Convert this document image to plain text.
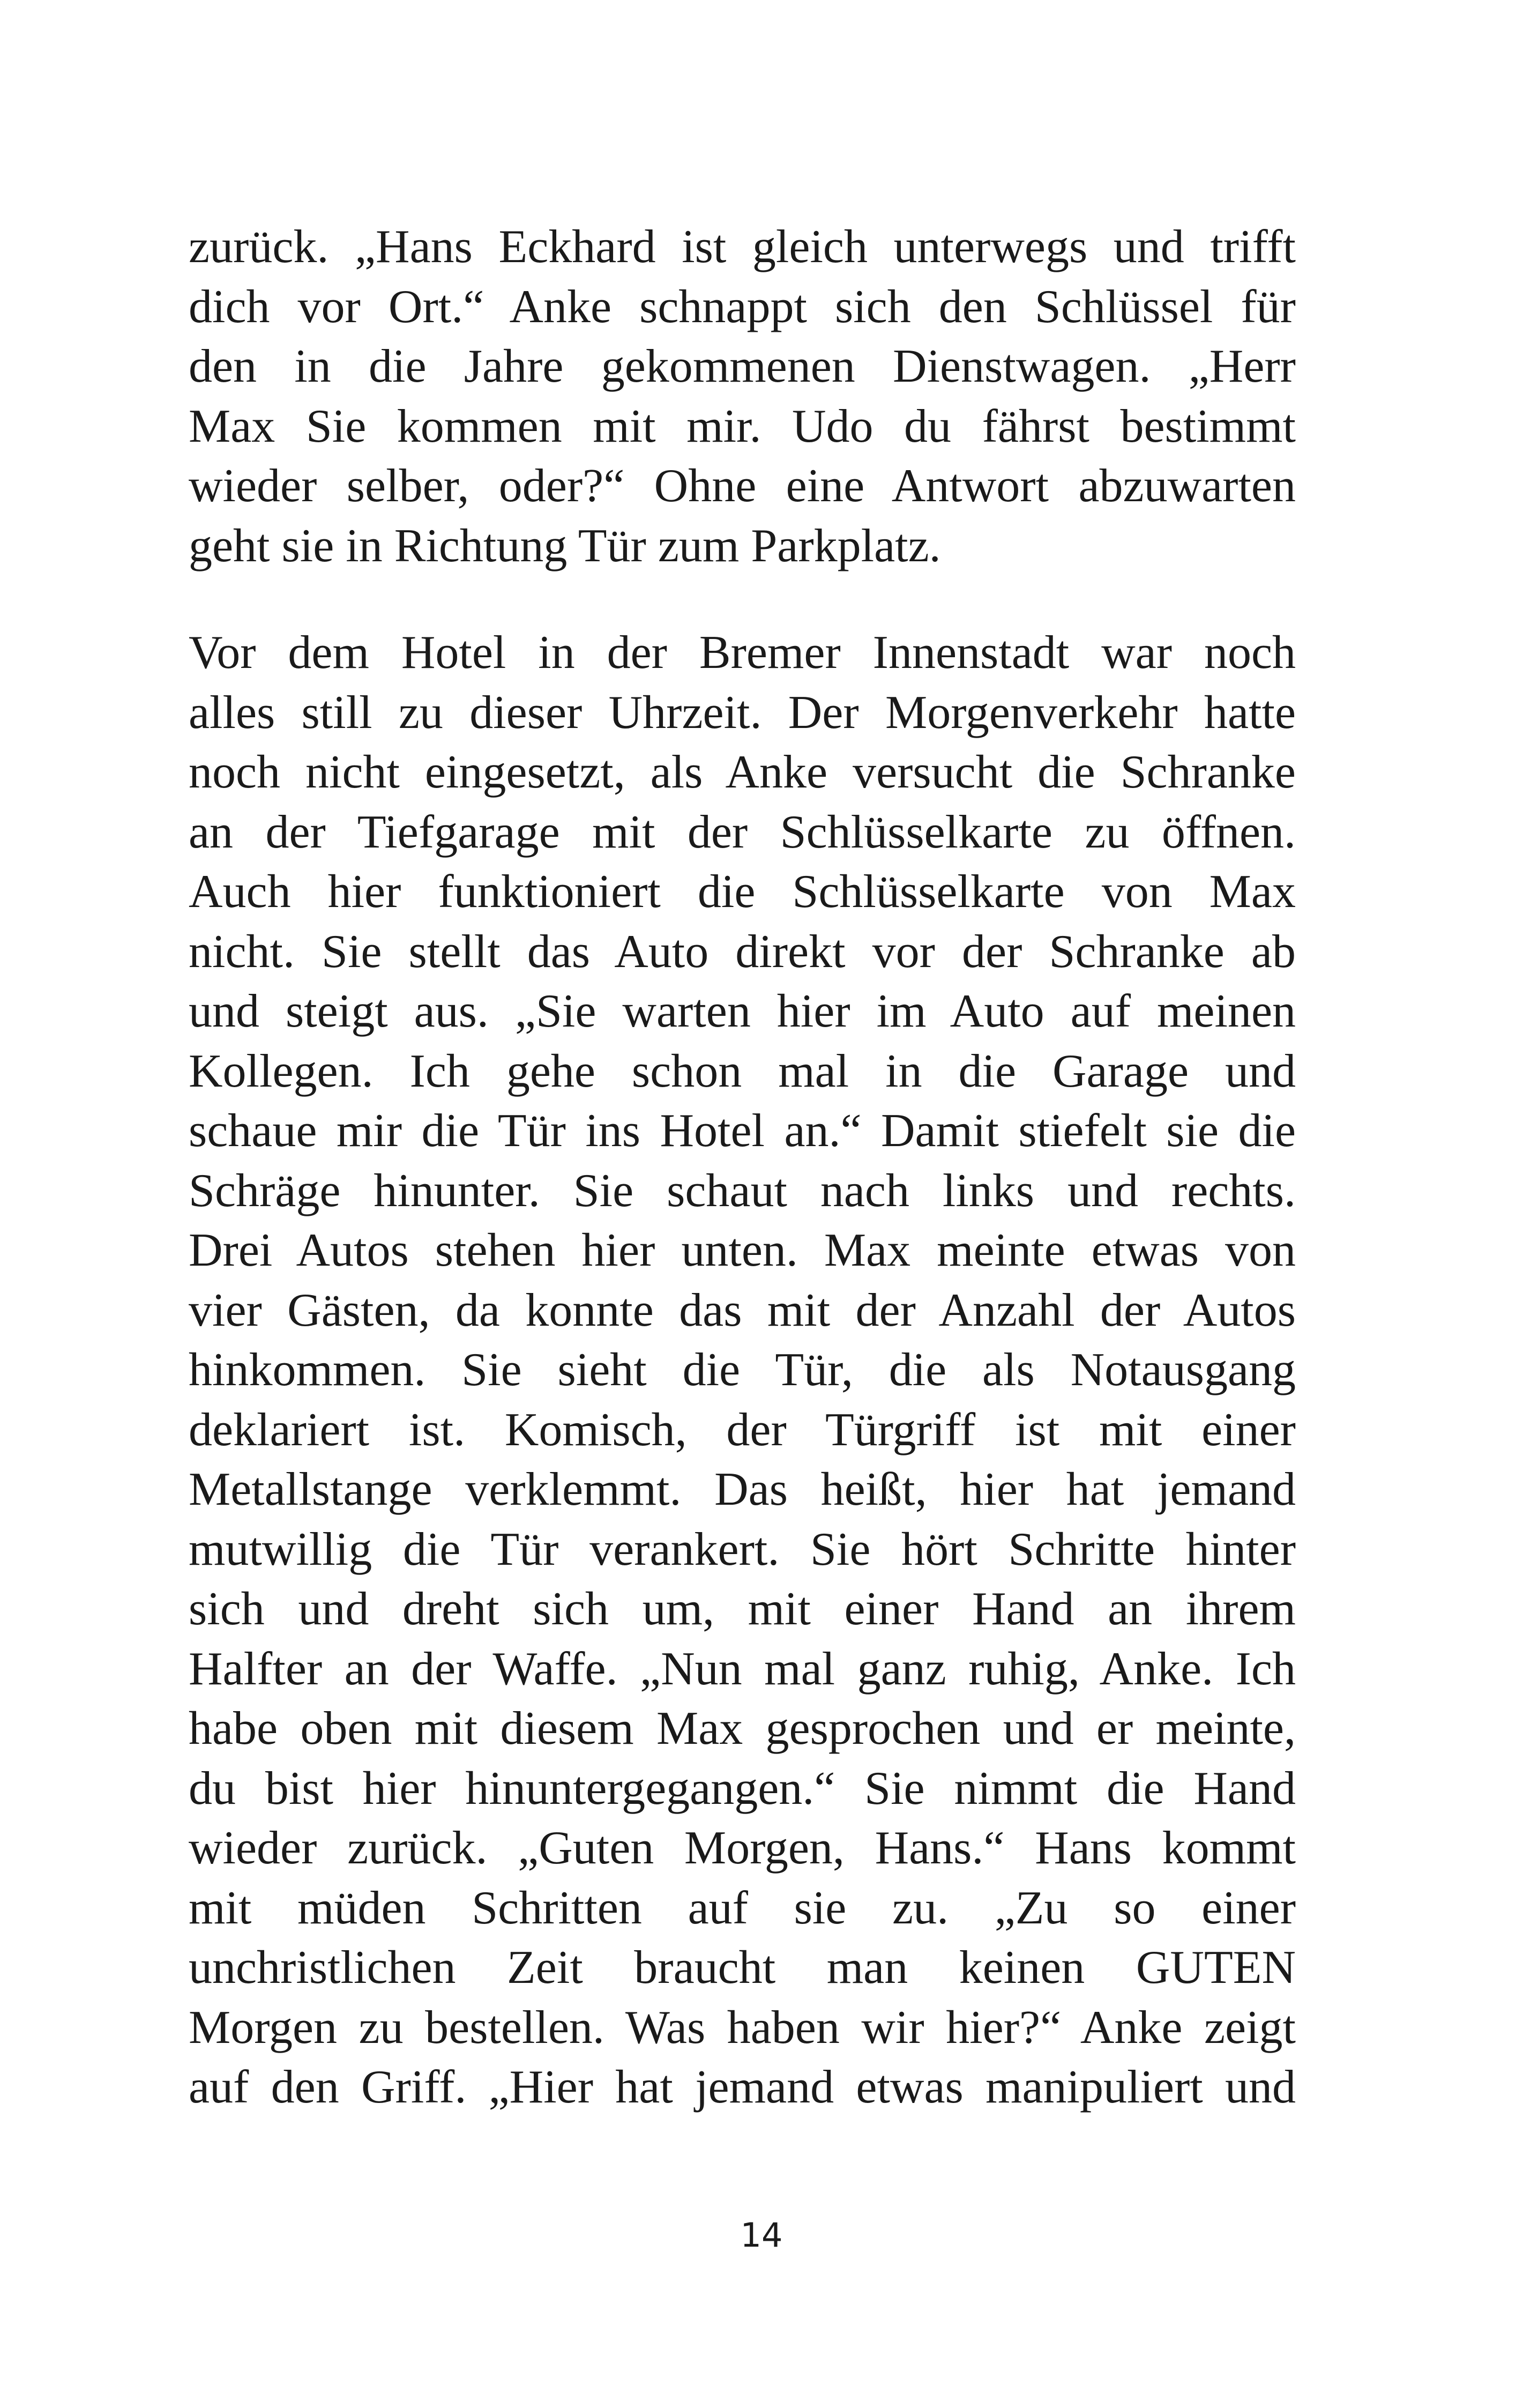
zurück. „Hans Eckhard ist gleich unterwegs und trifft
dich vor Ort.“ Anke schnappt sich den Schlüssel für
den in die Jahre gekommenen Dienstwagen. „Herr
Max Sie kommen mit mir. Udo du fährst bestimmt
wieder selber, oder?“ Ohne eine Antwort abzuwarten
geht sie in Richtung Tür zum Parkplatz.
Vor dem Hotel in der Bremer Innenstadt war noch
alles still zu dieser Uhrzeit. Der Morgenverkehr hatte
noch nicht eingesetzt, als Anke versucht die Schranke
an der Tiefgarage mit der Schlüsselkarte zu öffnen.
Auch hier funktioniert die Schlüsselkarte von Max
nicht. Sie stellt das Auto direkt vor der Schranke ab
und steigt aus. „Sie warten hier im Auto auf meinen
Kollegen. Ich gehe schon mal in die Garage und
schaue mir die Tür ins Hotel an.“ Damit stiefelt sie die
Schräge hinunter. Sie schaut nach links und rechts.
Drei Autos stehen hier unten. Max meinte etwas von
vier Gästen, da konnte das mit der Anzahl der Autos
hinkommen. Sie sieht die Tür, die als Notausgang
deklariert ist. Komisch, der Türgriff ist mit einer
Metallstange verklemmt. Das heißt, hier hat jemand
mutwillig die Tür verankert. Sie hört Schritte hinter
sich und dreht sich um, mit einer Hand an ihrem
Halfter an der Waffe. „Nun mal ganz ruhig, Anke. Ich
habe oben mit diesem Max gesprochen und er meinte,
du bist hier hinuntergegangen.“ Sie nimmt die Hand
wieder zurück. „Guten Morgen, Hans.“ Hans kommt
mit müden Schritten auf sie zu. „Zu so einer
unchristlichen Zeit braucht man keinen GUTEN
Morgen zu bestellen. Was haben wir hier?“ Anke zeigt
auf den Griff. „Hier hat jemand etwas manipuliert und
14
